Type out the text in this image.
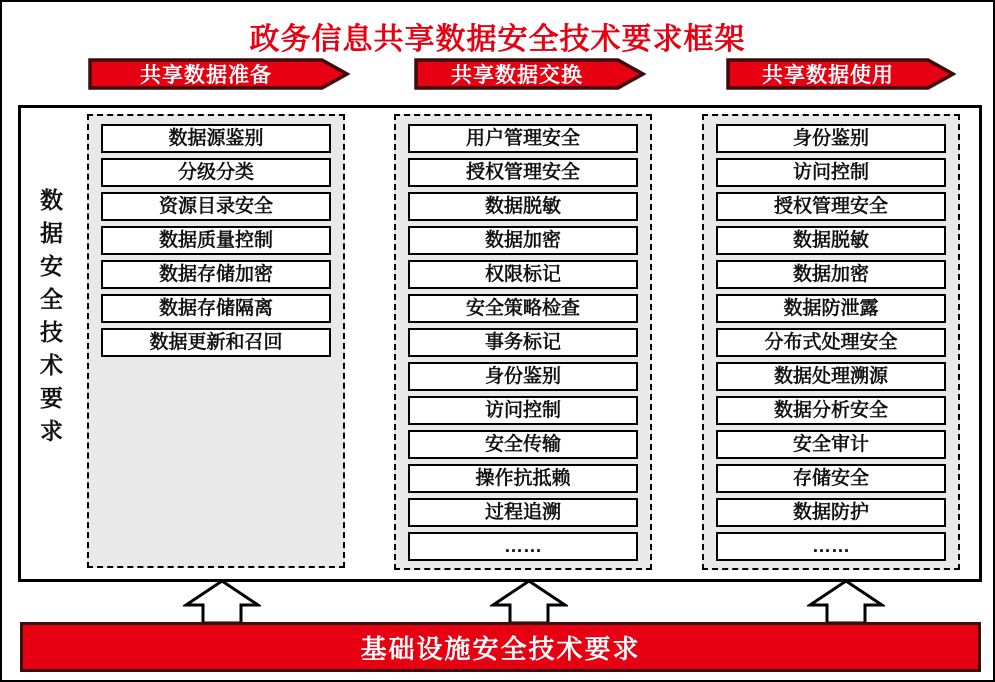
政务信息共享数据安全技术要求框架
共享数据准备	共享数据交换	共享数据使用
数据安全技术要求
数据源鉴别
分级分类
资源目录安全
数据质量控制
数据存储加密
数据存储隔离
数据更新和召回
用户管理安全
授权管理安全
数据脱敏
数据加密
权限标记
安全策略检查
事务标记
身份鉴别
访问控制
安全传输
操作抗抵赖
过程追溯
……
身份鉴别
访问控制
授权管理安全
数据脱敏
数据加密
数据防泄露
分布式处理安全
数据处理溯源
数据分析安全
安全审计
存储安全
数据防护
……
基础设施安全技术要求
